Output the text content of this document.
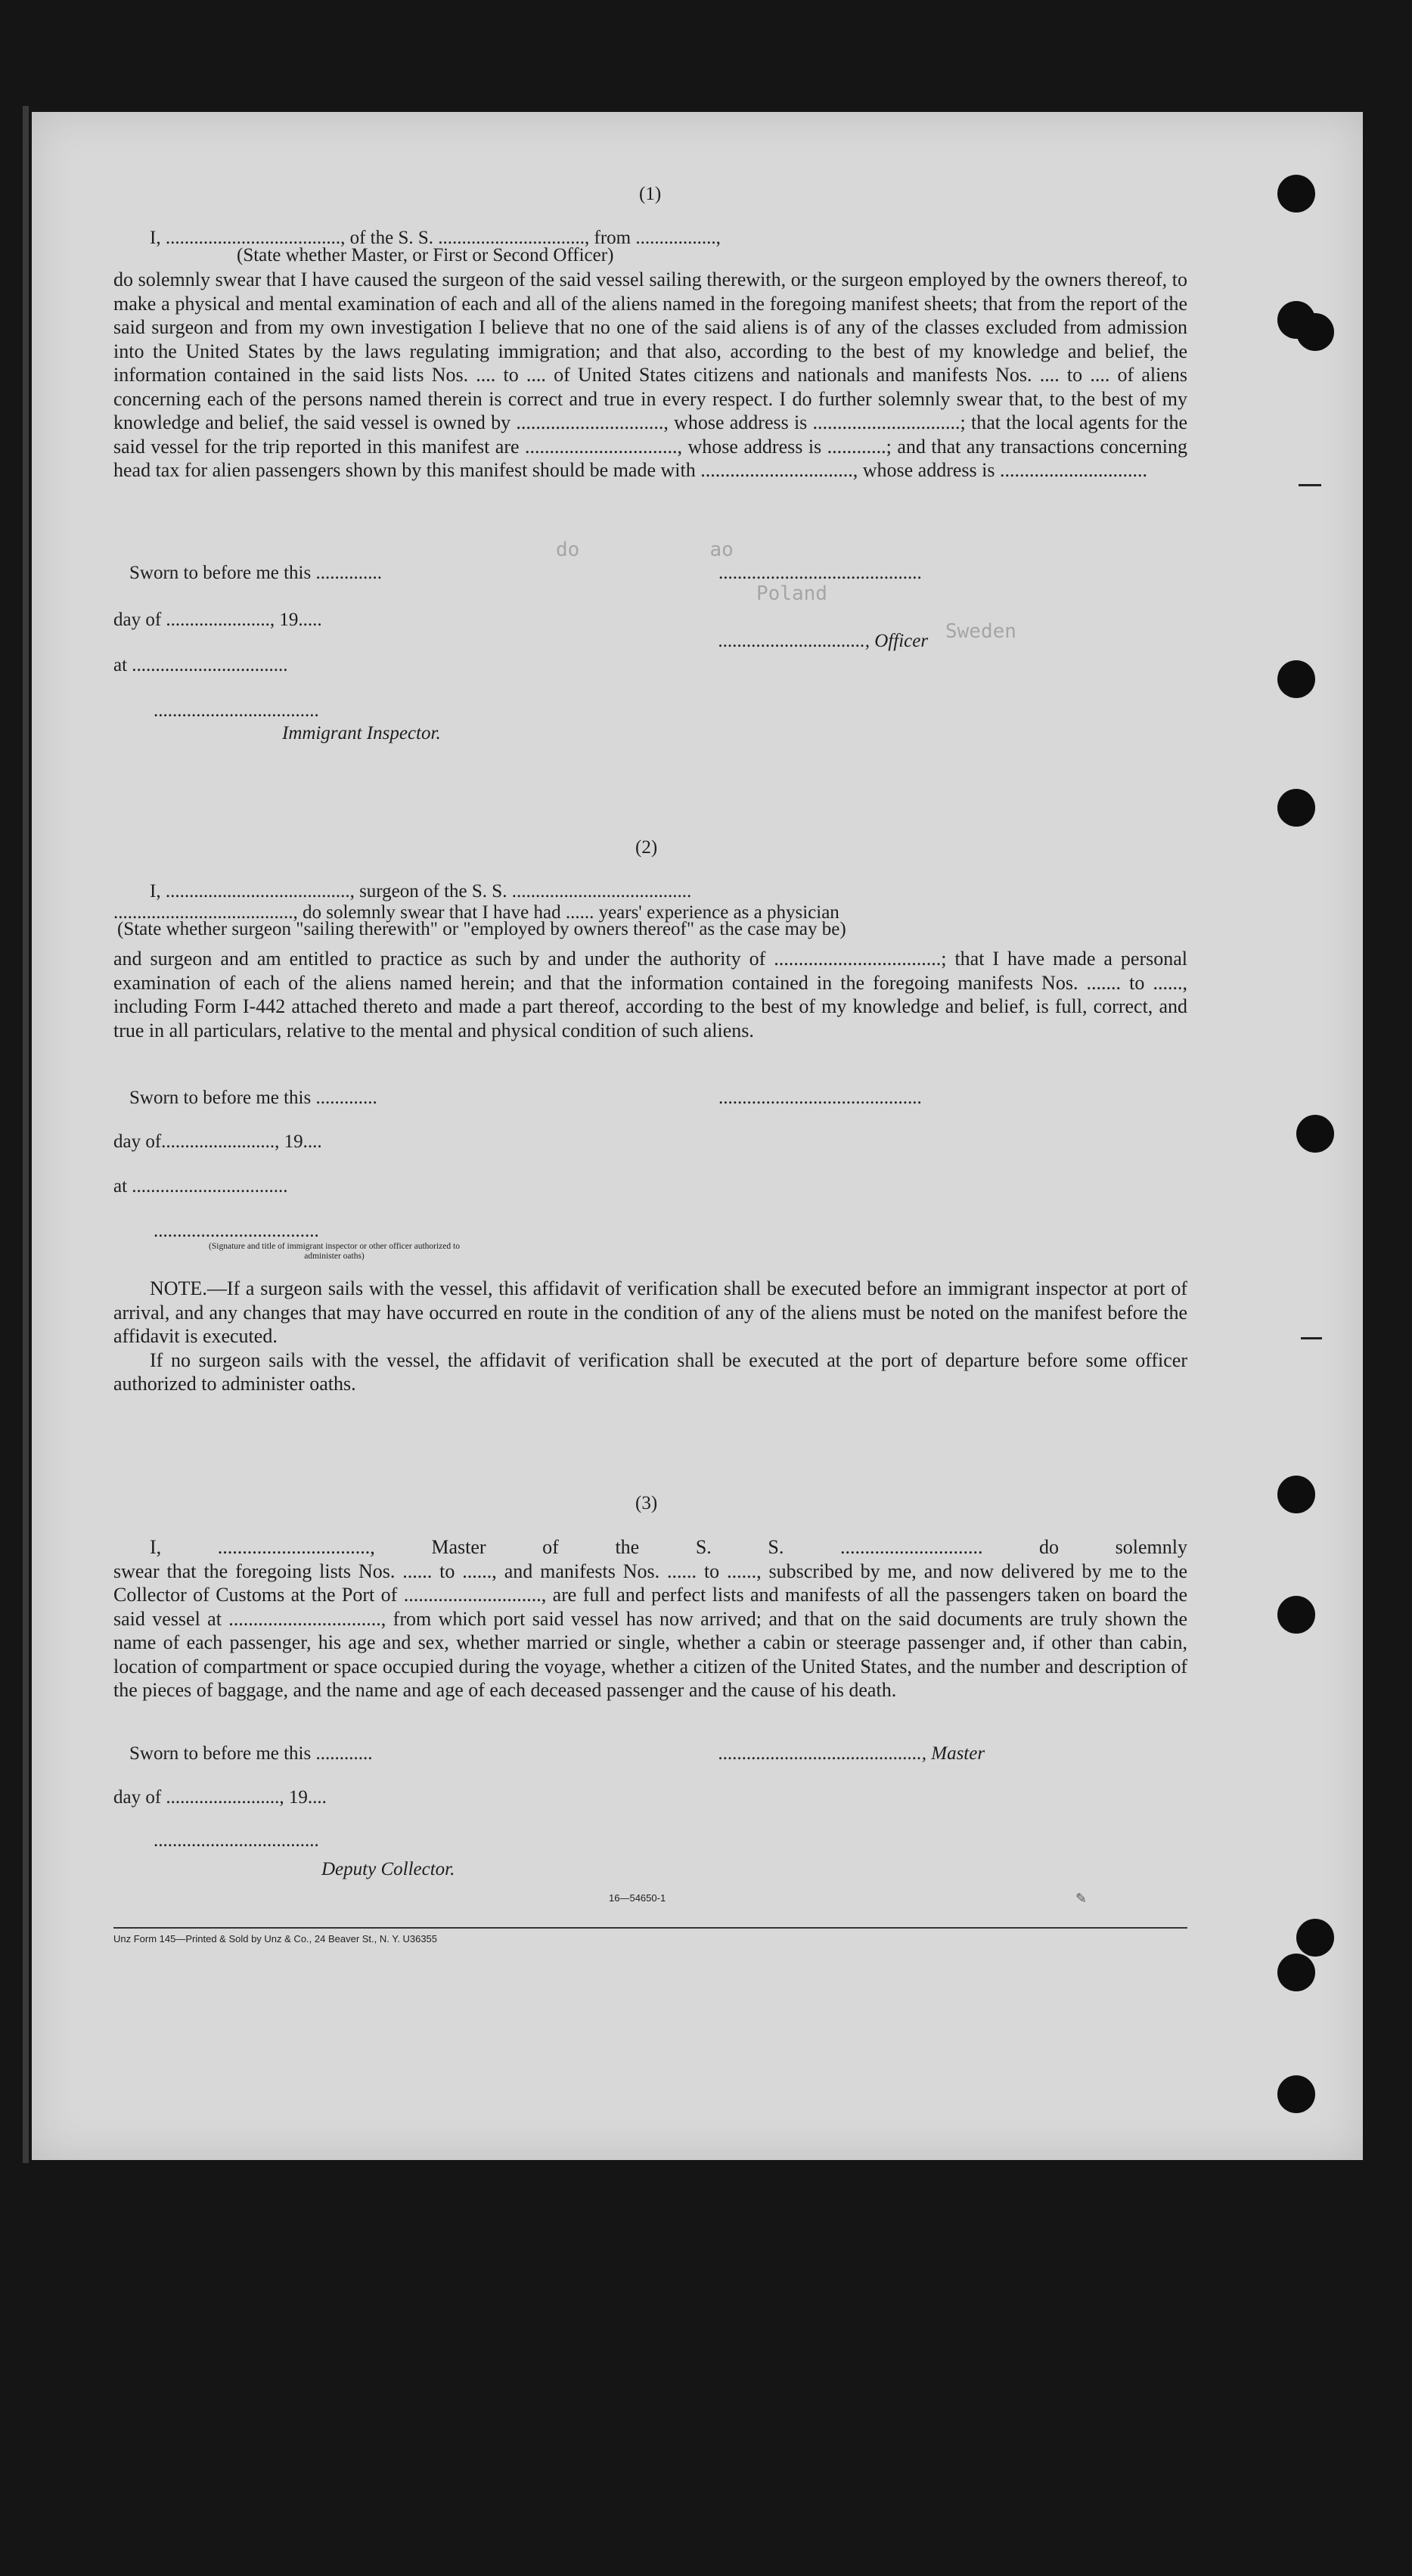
do           ao
Poland
Sweden
(1)
I, ....................................., of the S. S. ..............................., from .................,
(State whether Master, or First or Second Officer)

do solemnly swear that I have caused the surgeon of the said vessel sailing therewith, or the surgeon employed by the owners thereof, to make a physical and mental examination of each and all of the aliens named in the foregoing manifest sheets; that from the report of the said surgeon and from my own investigation I believe that no one of the said aliens is of any of the classes excluded from admission into the United States by the laws regulating immigration; and that also, according to the best of my knowledge and belief, the information contained in the said lists Nos. .... to .... of United States citizens and nationals and manifests Nos. .... to .... of aliens concerning each of the persons named therein is correct and true in every respect. I do further solemnly swear that, to the best of my knowledge and belief, the said vessel is owned by .............................., whose address is ..............................; that the local agents for the said vessel for the trip reported in this manifest are ..............................., whose address is ............; and that any transactions concerning head tax for alien passengers shown by this manifest should be made with ..............................., whose address is ..............................

Sworn to before me this ..............	...........................................
day of ......................, 19.....
..............................., Officer
at .................................
...................................
Immigrant Inspector.
(2)
I, ......................................., surgeon of the S. S. ......................................
......................................, do solemnly swear that I have had ...... years' experience as a physician
(State whether surgeon "sailing therewith" or "employed by owners thereof" as the case may be)

and surgeon and am entitled to practice as such by and under the authority of ..................................; that I have made a personal examination of each of the aliens named herein; and that the information contained in the foregoing manifests Nos. ....... to ......, including Form I-442 attached thereto and made a part thereof, according to the best of my knowledge and belief, is full, correct, and true in all particulars, relative to the mental and physical condition of such aliens.

Sworn to before me this .............	...........................................
day of........................, 19....
at .................................
...................................
(Signature and title of immigrant inspector or other officer authorized to administer oaths)

NOTE.—If a surgeon sails with the vessel, this affidavit of verification shall be executed before an immigrant inspector at port of arrival, and any changes that may have occurred en route in the condition of any of the aliens must be noted on the manifest before the affidavit is executed.

If no surgeon sails with the vessel, the affidavit of verification shall be executed at the port of departure before some officer authorized to administer oaths.

(3)

I, ..............................., Master of the S. S. ............................. do solemnly

swear that the foregoing lists Nos. ...... to ......, and manifests Nos. ...... to ......, subscribed by me, and now delivered by me to the Collector of Customs at the Port of ............................, are full and perfect lists and manifests of all the passengers taken on board the said vessel at ..............................., from which port said vessel has now arrived; and that on the said documents are truly shown the name of each passenger, his age and sex, whether married or single, whether a cabin or steerage passenger and, if other than cabin, location of compartment or space occupied during the voyage, whether a citizen of the United States, and the number and description of the pieces of baggage, and the name and age of each deceased passenger and the cause of his death.

Sworn to before me this ............	..........................................., Master
day of ........................, 19....
...................................
Deputy Collector.
16—54650-1	✎
Unz Form 145—Printed & Sold by Unz & Co., 24 Beaver St., N. Y. U36355
